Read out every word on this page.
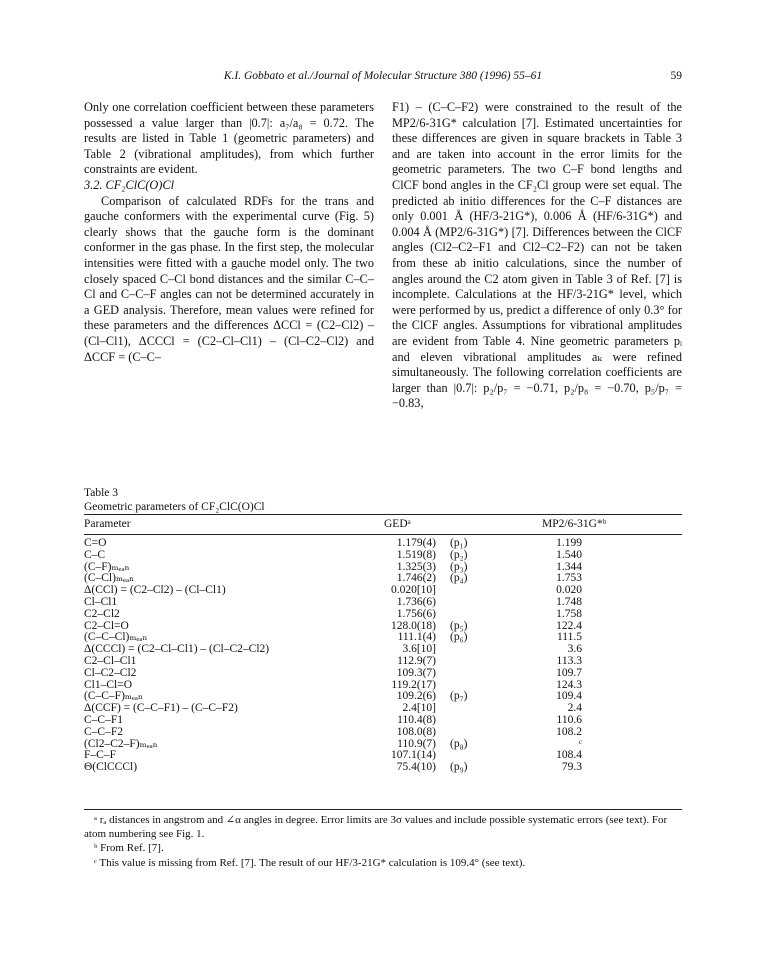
K.I. Gobbato et al./Journal of Molecular Structure 380 (1996) 55–61	59

Only one correlation coefficient between these parameters possessed a value larger than |0.7|: a₇/a₈ = 0.72. The results are listed in Table 1 (geometric parameters) and Table 2 (vibrational amplitudes), from which further constraints are evident.

3.2. CF₂ClC(O)Cl

Comparison of calculated RDFs for the trans and gauche conformers with the experimental curve (Fig. 5) clearly shows that the gauche form is the dominant conformer in the gas phase. In the first step, the molecular intensities were fitted with a gauche model only. The two closely spaced C–Cl bond distances and the similar C–C–Cl and C–C–F angles can not be determined accurately in a GED analysis. Therefore, mean values were refined for these parameters and the differences ΔCCl = (C2–Cl2) – (Cl–Cl1), ΔCCCl = (C2–Cl–Cl1) – (Cl–C2–Cl2) and ΔCCF = (C–C–

F1) – (C–C–F2) were constrained to the result of the MP2/6-31G* calculation [7]. Estimated uncertainties for these differences are given in square brackets in Table 3 and are taken into account in the error limits for the geometric parameters. The two C–F bond lengths and ClCF bond angles in the CF₂Cl group were set equal. The predicted ab initio differences for the C–F distances are only 0.001 Å (HF/3-21G*), 0.006 Å (HF/6-31G*) and 0.004 Å (MP2/6-31G*) [7]. Differences between the ClCF angles (Cl2–C2–F1 and Cl2–C2–F2) can not be taken from these ab initio calculations, since the number of angles around the C2 atom given in Table 3 of Ref. [7] is incomplete. Calculations at the HF/3-21G* level, which were performed by us, predict a difference of only 0.3° for the ClCF angles. Assumptions for vibrational amplitudes are evident from Table 4. Nine geometric parameters pᵢ and eleven vibrational amplitudes aₖ were refined simultaneously. The following correlation coefficients are larger than |0.7|: p₂/p₇ = −0.71, p₂/p₈ = −0.70, p₅/p₇ = −0.83,

Table 3
Geometric parameters of CF₂ClC(O)Cl
Parameter	GEDᵃ	MP2/6-31G*ᵇ
C=O	1.179(4) (p₁)	1.199
C–C	1.519(8) (p₂)	1.540
(C–F)ₘₑₐₙ	1.325(3) (p₃)	1.344
(C–Cl)ₘₑₐₙ	1.746(2) (p₄)	1.753
Δ(CCl) = (C2–Cl2) – (Cl–Cl1)	0.020[10]	0.020
Cl–Cl1	1.736(6)	1.748
C2–Cl2	1.756(6)	1.758
C2–Cl=O	128.0(18) (p₅)	122.4
(C–C–Cl)ₘₑₐₙ	111.1(4) (p₆)	111.5
Δ(CCCl) = (C2–Cl–Cl1) – (Cl–C2–Cl2)	3.6[10]	3.6
C2–Cl–Cl1	112.9(7)	113.3
Cl–C2–Cl2	109.3(7)	109.7
Cl1–Cl=O	119.2(17)	124.3
(C–C–F)ₘₑₐₙ	109.2(6) (p₇)	109.4
Δ(CCF) = (C–C–F1) – (C–C–F2)	2.4[10]	2.4
C–C–F1	110.4(8)	110.6
C–C–F2	108.0(8)	108.2
(Cl2–C2–F)ₘₑₐₙ	110.9(7) (p₈)	ᶜ
F–C–F	107.1(14)	108.4
Θ(ClCCCl)	75.4(10) (p₉)	79.3

ᵃ rₐ distances in angstrom and ∠α angles in degree. Error limits are 3σ values and include possible systematic errors (see text). For atom numbering see Fig. 1.

ᵇ From Ref. [7].

ᶜ This value is missing from Ref. [7]. The result of our HF/3-21G* calculation is 109.4° (see text).
